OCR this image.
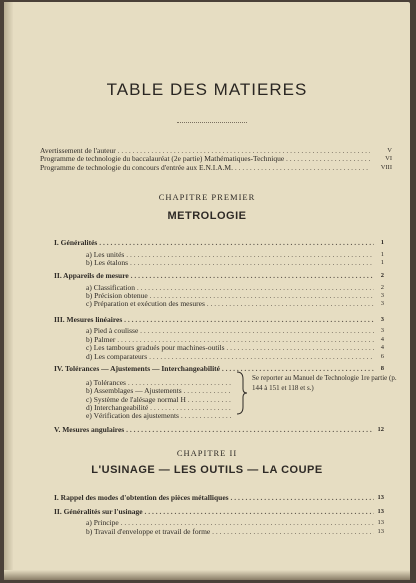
TABLE DES MATIERES
Avertissement de l'auteur . . .	V
Programme de technologie du baccalauréat (2e partie) Mathématiques-Technique . . .	VI
Programme de technologie du concours d'entrée aux E.N.I.A.M. . . .	VIII
CHAPITRE PREMIER
METROLOGIE
I. Généralités . . .	1
a) Les unités . . .	1
b) Les étalons . . .	1
II. Appareils de mesure . . .	2
a) Classification . . .	2
b) Précision obtenue . . .	3
c) Préparation et exécution des mesures . . .	3
III. Mesures linéaires . . .	3
a) Pied à coulisse . . .	3
b) Palmer . . .	4
c) Les tambours gradués pour machines-outils . . .	4
d) Les comparateurs . . .	6
IV. Tolérances — Ajustements — Interchangeabilité . . .	8
a) Tolérances . . .
b) Assemblages — Ajustements . . .
c) Système de l'alésage normal H . . .
d) Interchangeabilité . . .
e) Vérification des ajustements . . .
Se reporter au Manuel de Technologie 1re partie (p. 144 à 151 et 118 et s.)
V. Mesures angulaires . . .	12
CHAPITRE II
L'USINAGE — LES OUTILS — LA COUPE
I. Rappel des modes d'obtention des pièces métalliques . . .	13
II. Généralités sur l'usinage . . .	13
a) Principe . . .	13
b) Travail d'enveloppe et travail de forme . . .	13
